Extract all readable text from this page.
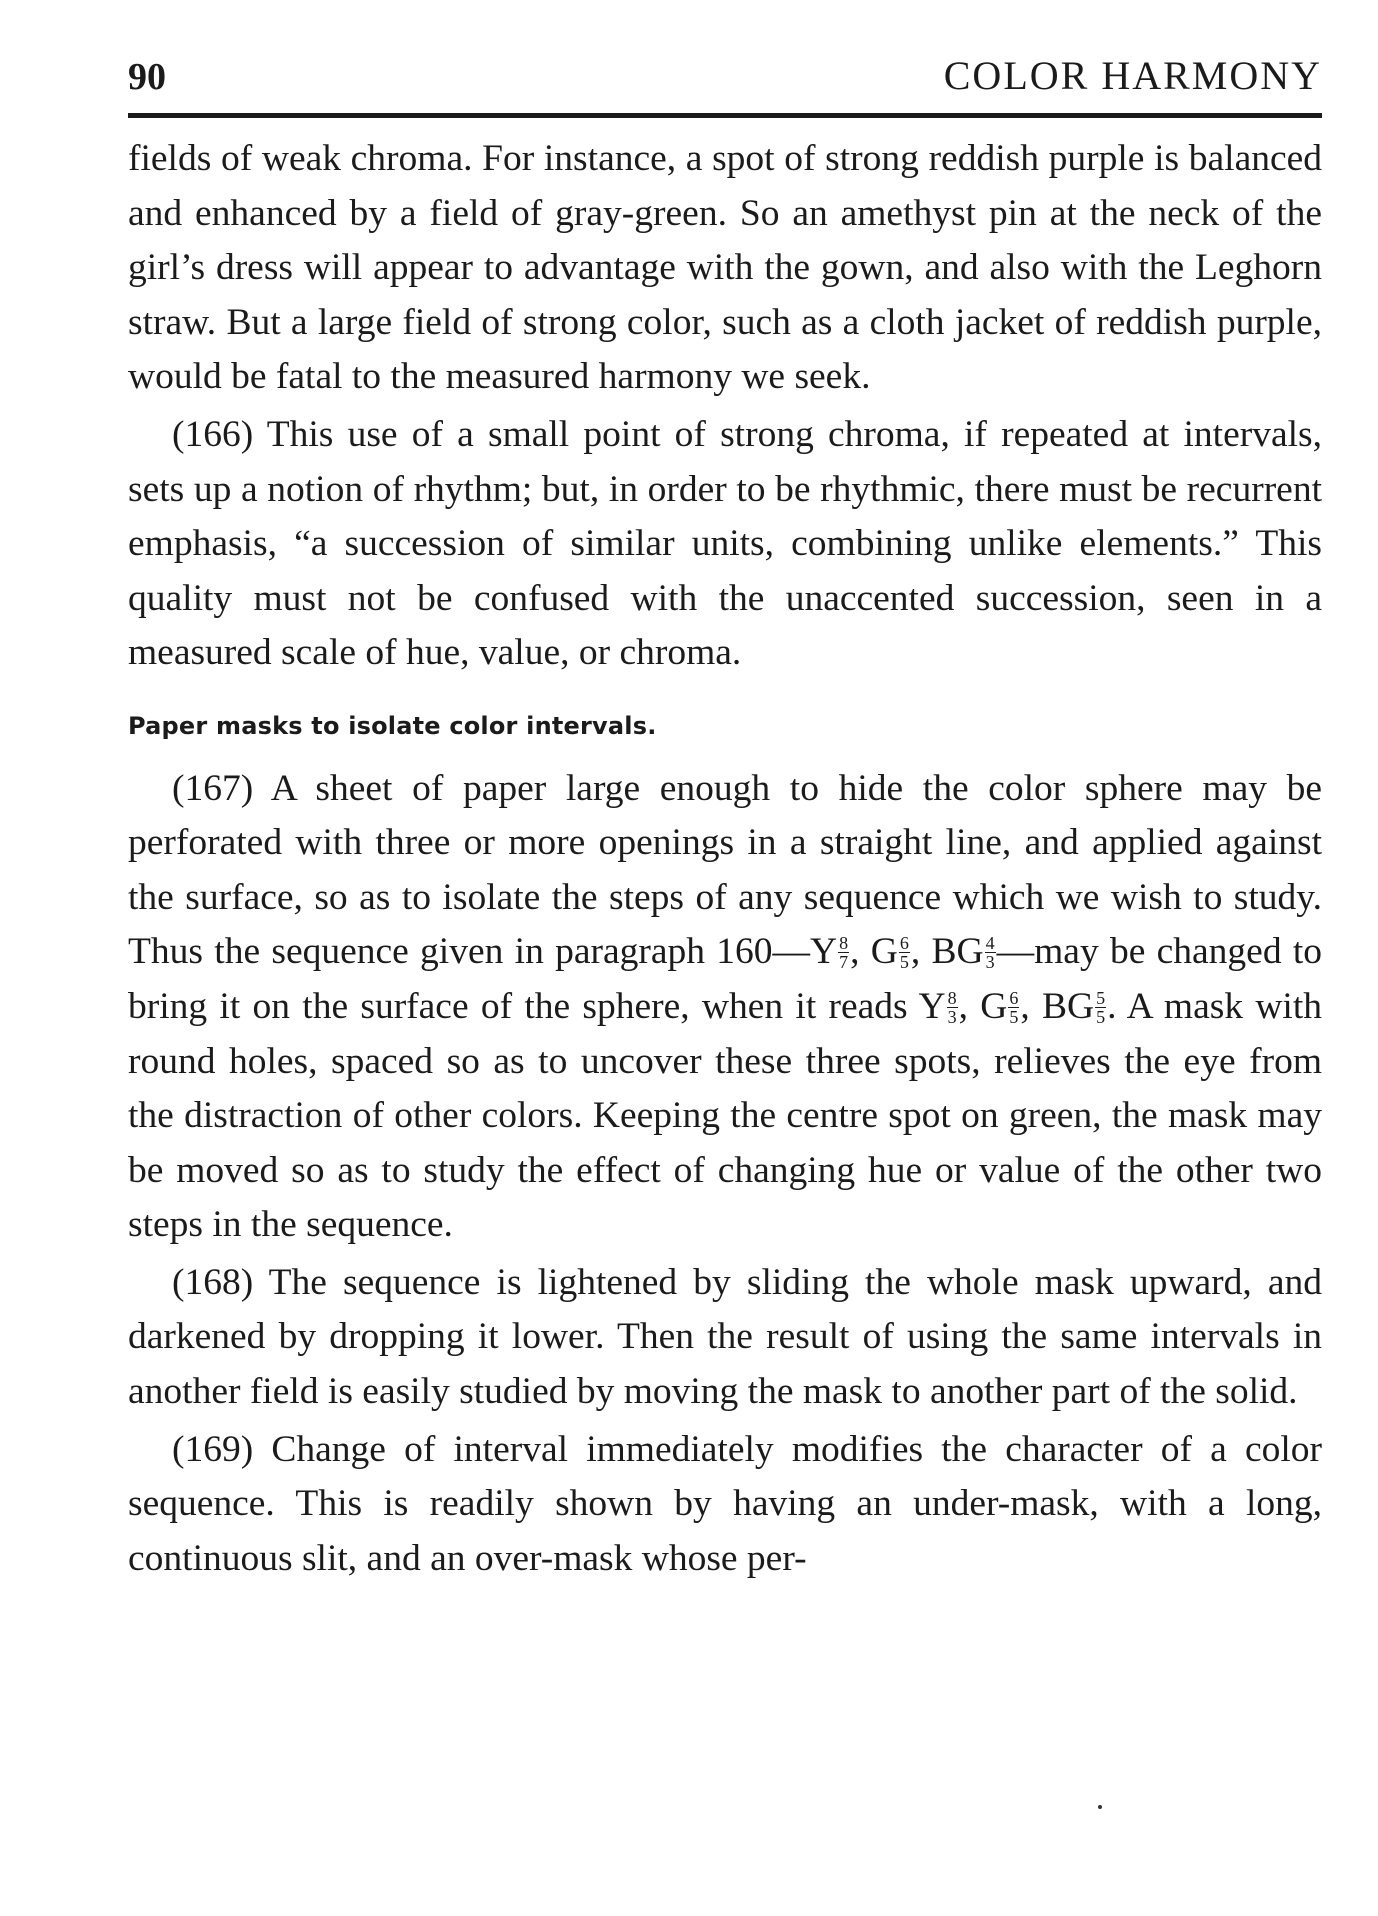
90	COLOR HARMONY

fields of weak chroma. For instance, a spot of strong reddish purple is balanced and enhanced by a field of gray-green. So an amethyst pin at the neck of the girl’s dress will appear to advantage with the gown, and also with the Leghorn straw. But a large field of strong color, such as a cloth jacket of reddish purple, would be fatal to the measured harmony we seek.

(166) This use of a small point of strong chroma, if repeated at intervals, sets up a notion of rhythm; but, in order to be rhythmic, there must be recurrent emphasis, “a succession of similar units, combining unlike elements.” This quality must not be confused with the unaccented succession, seen in a measured scale of hue, value, or chroma.

Paper masks to isolate color intervals.

(167) A sheet of paper large enough to hide the color sphere may be perforated with three or more openings in a straight line, and applied against the surface, so as to isolate the steps of any sequence which we wish to study. Thus the sequence given in paragraph 160—Y $\frac{8}{7}$ , G $\frac{6}{5}$ , BG $\frac{4}{3}$ —may be changed to bring it on the surface of the sphere, when it reads Y $\frac{8}{3}$ , G $\frac{6}{5}$ , BG $\frac{5}{5}$ . A mask with round holes, spaced so as to uncover these three spots, relieves the eye from the distraction of other colors. Keeping the centre spot on green, the mask may be moved so as to study the effect of changing hue or value of the other two steps in the sequence.

(168) The sequence is lightened by sliding the whole mask upward, and darkened by dropping it lower. Then the result of using the same intervals in another field is easily studied by moving the mask to another part of the solid.

(169) Change of interval immediately modifies the character of a color sequence. This is readily shown by having an under-mask, with a long, continuous slit, and an over-mask whose per-
